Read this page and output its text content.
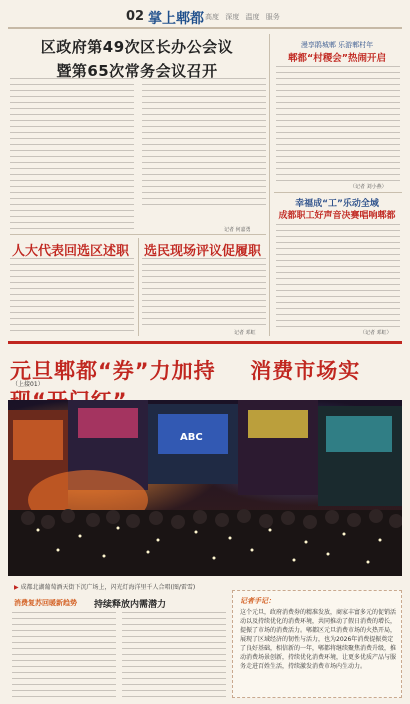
02 掌上郫都 高度 深度 温度 服务
区政府第49次区长办公会议
暨第65次常务会议召开
记者 何嘉勇
人大代表回选区述职 选民现场评议促履职
记者 邓虹
漫享鹃城郫 乐游郫村年
郫都“村稷会”热闹开启
（记者 刘小燕）
幸福成“工”乐动全域
成都职工好声音决赛唱响郫都
（记者 邓虹）
元旦郫都“券”力加持 消费市场实
（上接01）
ABC
▶ 成都北湖葡萄酒天街下沉广场上，闪光灯海洋里千人合唱(图/雷雪)
消费复苏回暖新趋势 持续释放内需潜力	记者手记：
这个元旦，政府消费券的精准发放，商家丰富多元的促销活动以及持续优化的消费环境，共同推动了假日消费的增长，提振了市场的消费活力。郫都区元旦消费市场的火热开局，展现了区域经济的韧性与活力，也为2026年消费提振奠定了良好基础，相信新的一年，郫都将继续聚焦消费升级，推动消费场景创新，持续优化消费环境，让更多优质产品与服务走进百姓生活，持续激发消费市场内生动力。
